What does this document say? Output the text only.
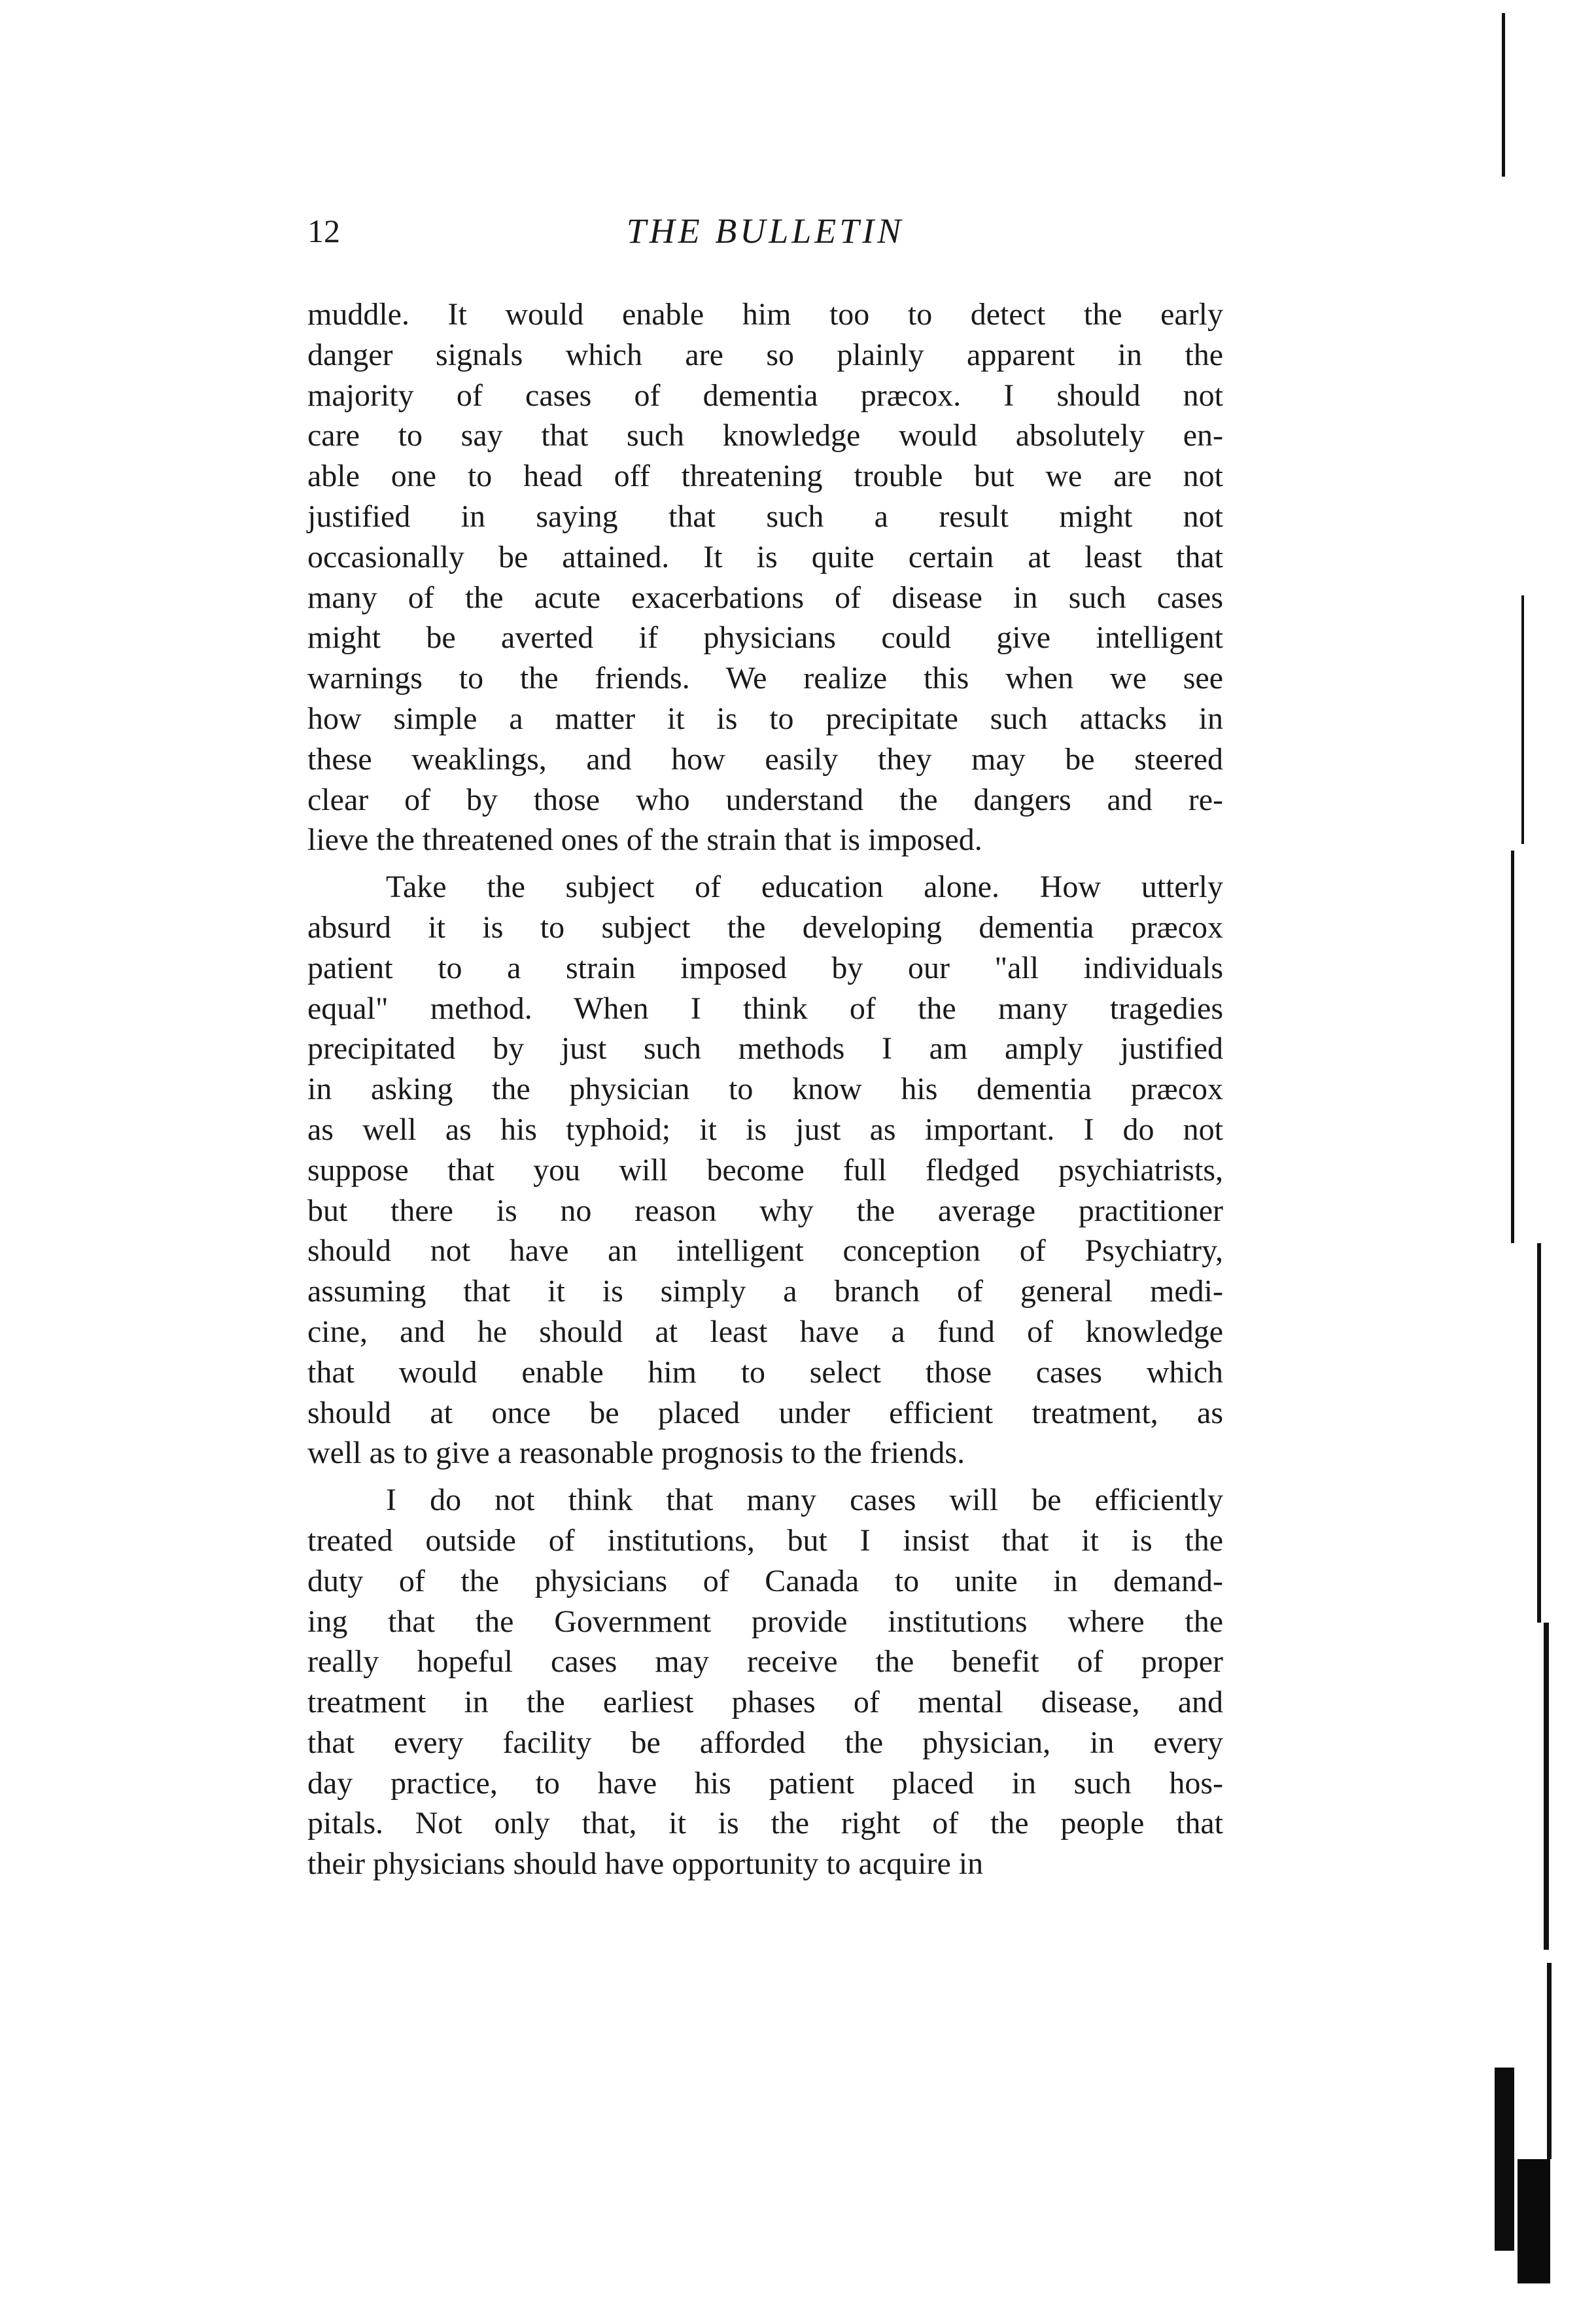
12	THE BULLETIN
muddle. It would enable him too to detect the early
danger signals which are so plainly apparent in the
majority of cases of dementia præcox. I should not
care to say that such knowledge would absolutely en-
able one to head off threatening trouble but we are not
justified in saying that such a result might not
occasionally be attained. It is quite certain at least that
many of the acute exacerbations of disease in such cases
might be averted if physicians could give intelligent
warnings to the friends. We realize this when we see
how simple a matter it is to precipitate such attacks in
these weaklings, and how easily they may be steered
clear of by those who understand the dangers and re-
lieve the threatened ones of the strain that is imposed.
Take the subject of education alone. How utterly
absurd it is to subject the developing dementia præcox
patient to a strain imposed by our "all individuals
equal" method. When I think of the many tragedies
precipitated by just such methods I am amply justified
in asking the physician to know his dementia præcox
as well as his typhoid; it is just as important. I do not
suppose that you will become full fledged psychiatrists,
but there is no reason why the average practitioner
should not have an intelligent conception of Psychiatry,
assuming that it is simply a branch of general medi-
cine, and he should at least have a fund of knowledge
that would enable him to select those cases which
should at once be placed under efficient treatment, as
well as to give a reasonable prognosis to the friends.
I do not think that many cases will be efficiently
treated outside of institutions, but I insist that it is the
duty of the physicians of Canada to unite in demand-
ing that the Government provide institutions where the
really hopeful cases may receive the benefit of proper
treatment in the earliest phases of mental disease, and
that every facility be afforded the physician, in every
day practice, to have his patient placed in such hos-
pitals. Not only that, it is the right of the people that
their physicians should have opportunity to acquire in
